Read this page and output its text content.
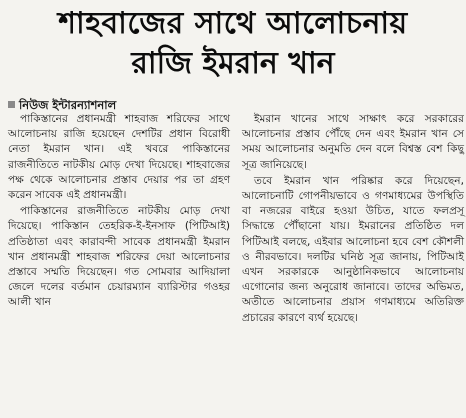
শাহবাজের সাথে আলোচনায়
রাজি ইমরান খান
নিউজ ইন্টারন্যাশনাল

পাকিস্তানের প্রধানমন্ত্রী শাহবাজ শরিফের সাথে আলোচনায় রাজি হয়েছেন দেশটির প্রধান বিরোধী নেতা ইমরান খান। এই খবরে পাকিস্তানের রাজনীতিতে নাটকীয় মোড় দেখা দিয়েছে। শাহবাজের পক্ষ থেকে আলোচনার প্রস্তাব দেয়ার পর তা গ্রহণ করেন সাবেক এই প্রধানমন্ত্রী।

পাকিস্তানের রাজনীতিতে নাটকীয় মোড় দেখা দিয়েছে। পাকিস্তান তেহরিক-ই-ইনসাফ (পিটিআই) প্রতিষ্ঠাতা এবং কারাবন্দী সাবেক প্রধানমন্ত্রী ইমরান খান প্রধানমন্ত্রী শাহবাজ শরিফের দেয়া আলোচনার প্রস্তাবে সম্মতি দিয়েছেন। গত সোমবার আদিয়ালা জেলে দলের বর্তমান চেয়ারম্যান ব্যারিস্টার গওহর আলী খান

ইমরান খানের সাথে সাক্ষাৎ করে সরকারের আলোচনার প্রস্তাব পৌঁছে দেন এবং ইমরান খান সে সময় আলোচনার অনুমতি দেন বলে বিশ্বস্ত বেশ কিছু সূত্র জানিয়েছে।

তবে ইমরান খান পরিষ্কার করে দিয়েছেন, আলোচনাটি গোপনীয়ভাবে ও গণমাধ্যমের উপস্থিতি বা নজরের বাইরে হওয়া উচিত, যাতে ফলপ্রসূ সিদ্ধান্তে পৌঁছানো যায়। ইমরানের প্রতিষ্ঠিত দল পিটিআই বলছে, এইবার আলোচনা হবে বেশ কৌশলী ও নীরবভাবে। দলটির ঘনিষ্ঠ সূত্র জানায়, পিটিআই এখন সরকারকে আনুষ্ঠানিকভাবে আলোচনায় এগোনোর জন্য অনুরোধ জানাবে। তাদের অভিমত, অতীতে আলোচনার প্রয়াস গণমাধ্যমে অতিরিক্ত প্রচারের কারণে ব্যর্থ হয়েছে।
